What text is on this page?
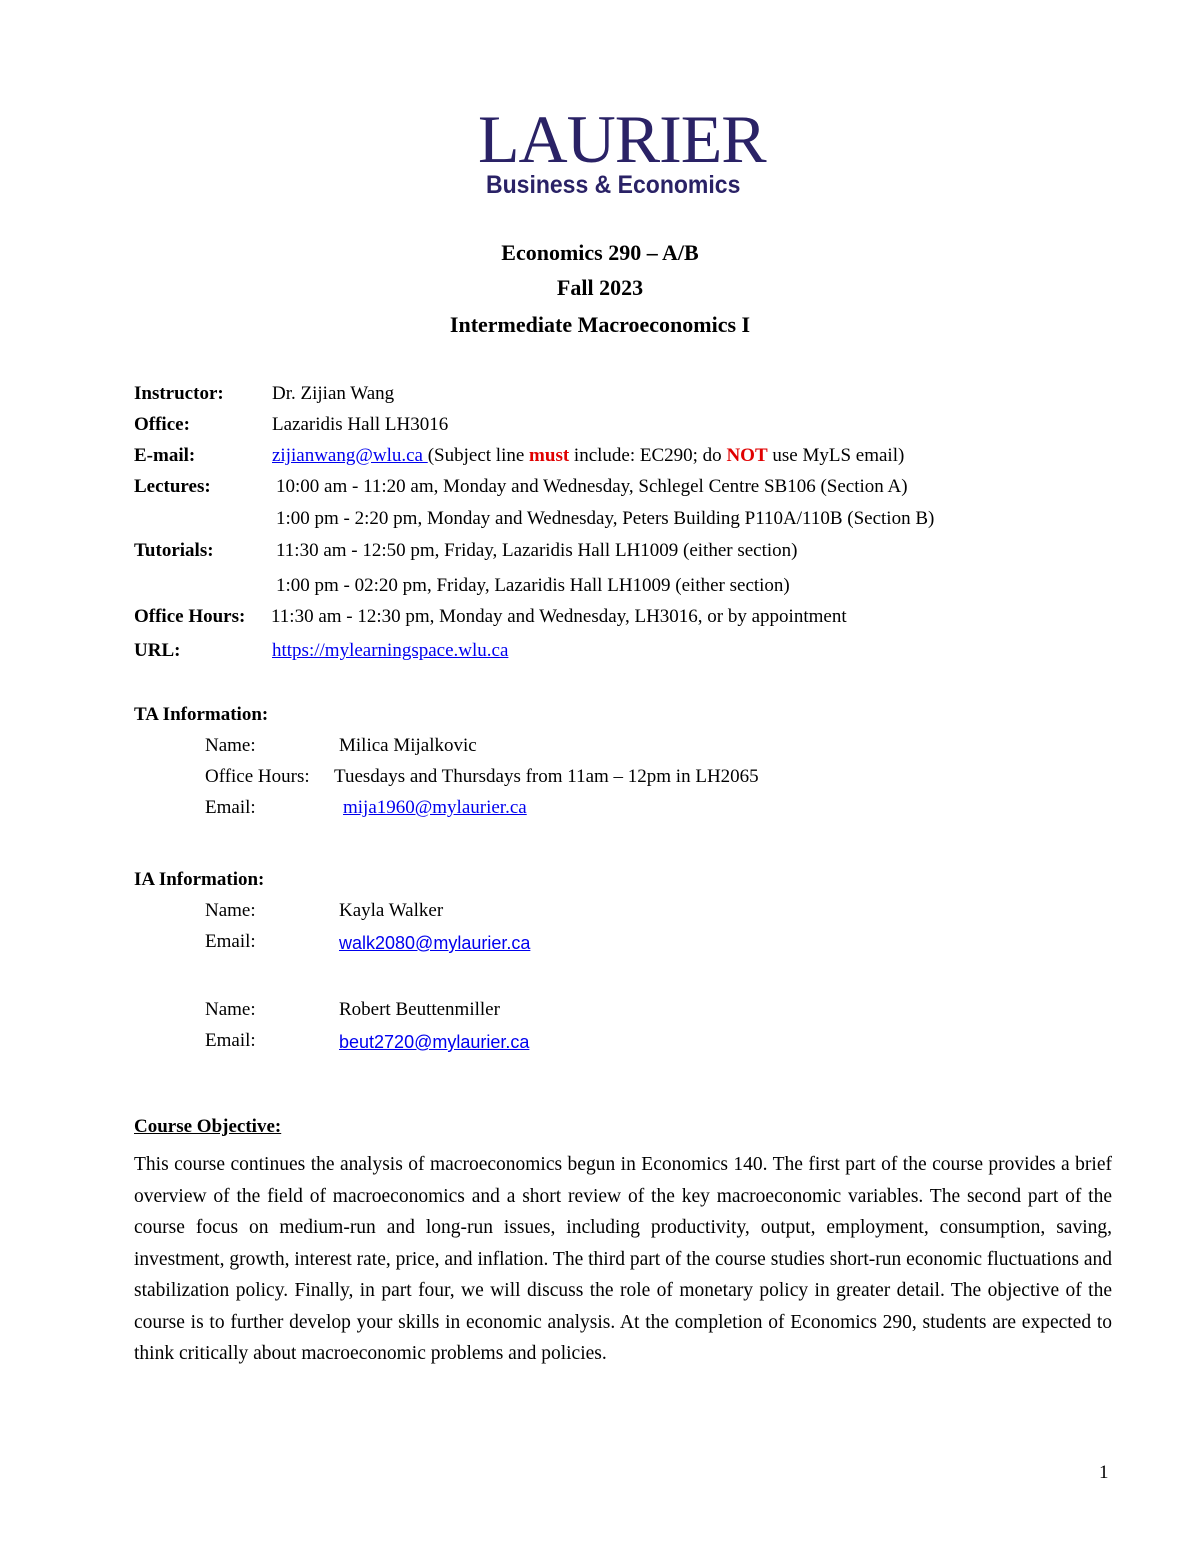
LAURIER
Business & Economics
Economics 290 – A/B
Fall 2023
Intermediate Macroeconomics I
Instructor:	Dr. Zijian Wang
Office:	Lazaridis Hall LH3016
E-mail:	zijianwang@wlu.ca (Subject line must include: EC290; do NOT use MyLS email)
Lectures:	10:00 am - 11:20 am, Monday and Wednesday, Schlegel Centre SB106 (Section A)
1:00 pm - 2:20 pm, Monday and Wednesday, Peters Building P110A/110B (Section B)
Tutorials:	11:30 am - 12:50 pm, Friday, Lazaridis Hall LH1009 (either section)
1:00 pm - 02:20 pm, Friday, Lazaridis Hall LH1009 (either section)
Office Hours: 11:30 am - 12:30 pm, Monday and Wednesday, LH3016, or by appointment
URL:	https://mylearningspace.wlu.ca
TA Information:
Name:	Milica Mijalkovic
Office Hours: Tuesdays and Thursdays from 11am – 12pm in LH2065
Email:	mija1960@mylaurier.ca
IA Information:
Name:	Kayla Walker
Email:	walk2080@mylaurier.ca
Name:	Robert Beuttenmiller
Email:	beut2720@mylaurier.ca
Course Objective:

This course continues the analysis of macroeconomics begun in Economics 140. The first part of the course provides a brief overview of the field of macroeconomics and a short review of the key macroeconomic variables. The second part of the course focus on medium-run and long-run issues, including productivity, output, employment, consumption, saving, investment, growth, interest rate, price, and inflation. The third part of the course studies short-run economic fluctuations and stabilization policy. Finally, in part four, we will discuss the role of monetary policy in greater detail. The objective of the course is to further develop your skills in economic analysis. At the completion of Economics 290, students are expected to think critically about macroeconomic problems and policies.

1
